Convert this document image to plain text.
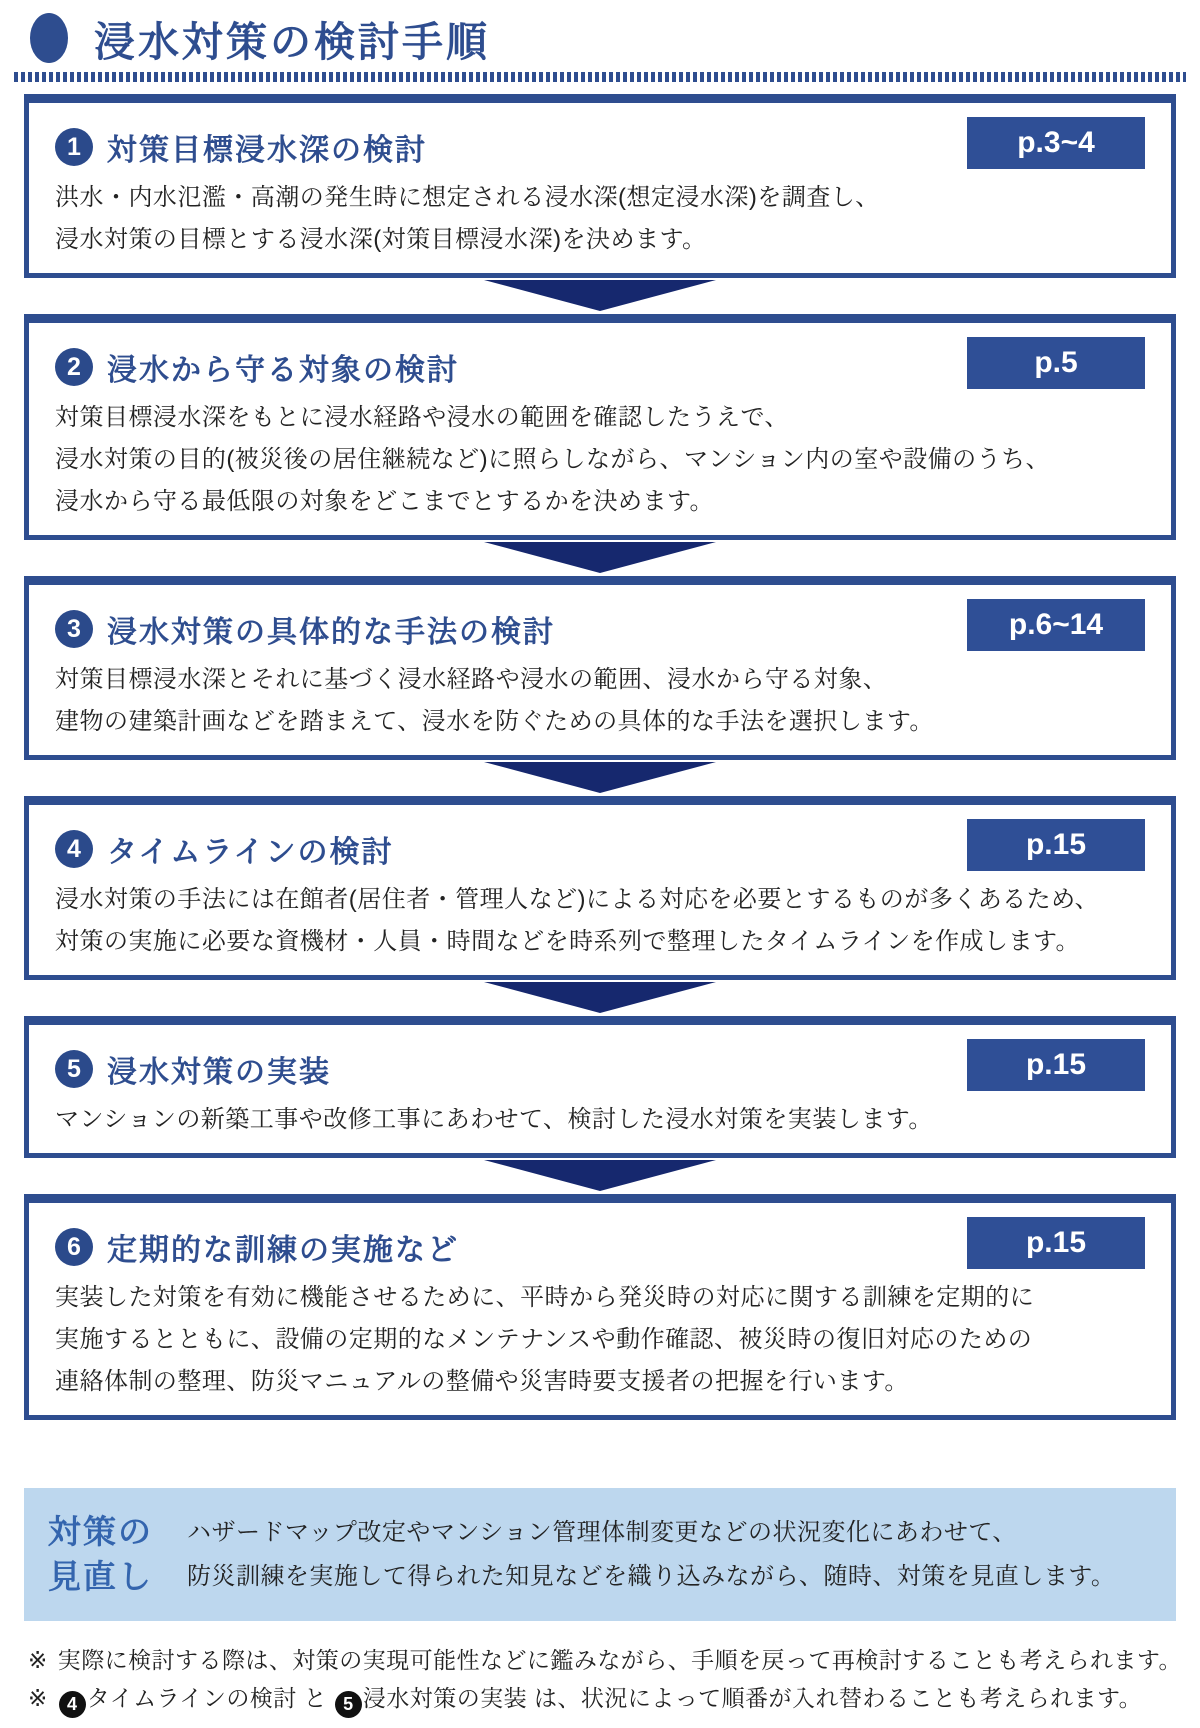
浸水対策の検討手順
1 対策目標浸水深の検討	p.3~4

洪水・内水氾濫・高潮の発生時に想定される浸水深(想定浸水深)を調査し、

浸水対策の目標とする浸水深(対策目標浸水深)を決めます。

2 浸水から守る対象の検討	p.5

対策目標浸水深をもとに浸水経路や浸水の範囲を確認したうえで、

浸水対策の目的(被災後の居住継続など)に照らしながら、マンション内の室や設備のうち、

浸水から守る最低限の対象をどこまでとするかを決めます。

3 浸水対策の具体的な手法の検討	p.6~14

対策目標浸水深とそれに基づく浸水経路や浸水の範囲、浸水から守る対象、

建物の建築計画などを踏まえて、浸水を防ぐための具体的な手法を選択します。

4 タイムラインの検討	p.15

浸水対策の手法には在館者(居住者・管理人など)による対応を必要とするものが多くあるため、

対策の実施に必要な資機材・人員・時間などを時系列で整理したタイムラインを作成します。

5 浸水対策の実装	p.15

マンションの新築工事や改修工事にあわせて、検討した浸水対策を実装します。

6 定期的な訓練の実施など	p.15

実装した対策を有効に機能させるために、平時から発災時の対応に関する訓練を定期的に

実施するとともに、設備の定期的なメンテナンスや動作確認、被災時の復旧対応のための

連絡体制の整理、防災マニュアルの整備や災害時要支援者の把握を行います。

対策の
見直し

ハザードマップ改定やマンション管理体制変更などの状況変化にあわせて、

防災訓練を実施して得られた知見などを織り込みながら、随時、対策を見直します。

※ 実際に検討する際は、対策の実現可能性などに鑑みながら、手順を戻って再検討することも考えられます。

※ 4 タイムラインの検討 と 5 浸水対策の実装 は、状況によって順番が入れ替わることも考えられます。
